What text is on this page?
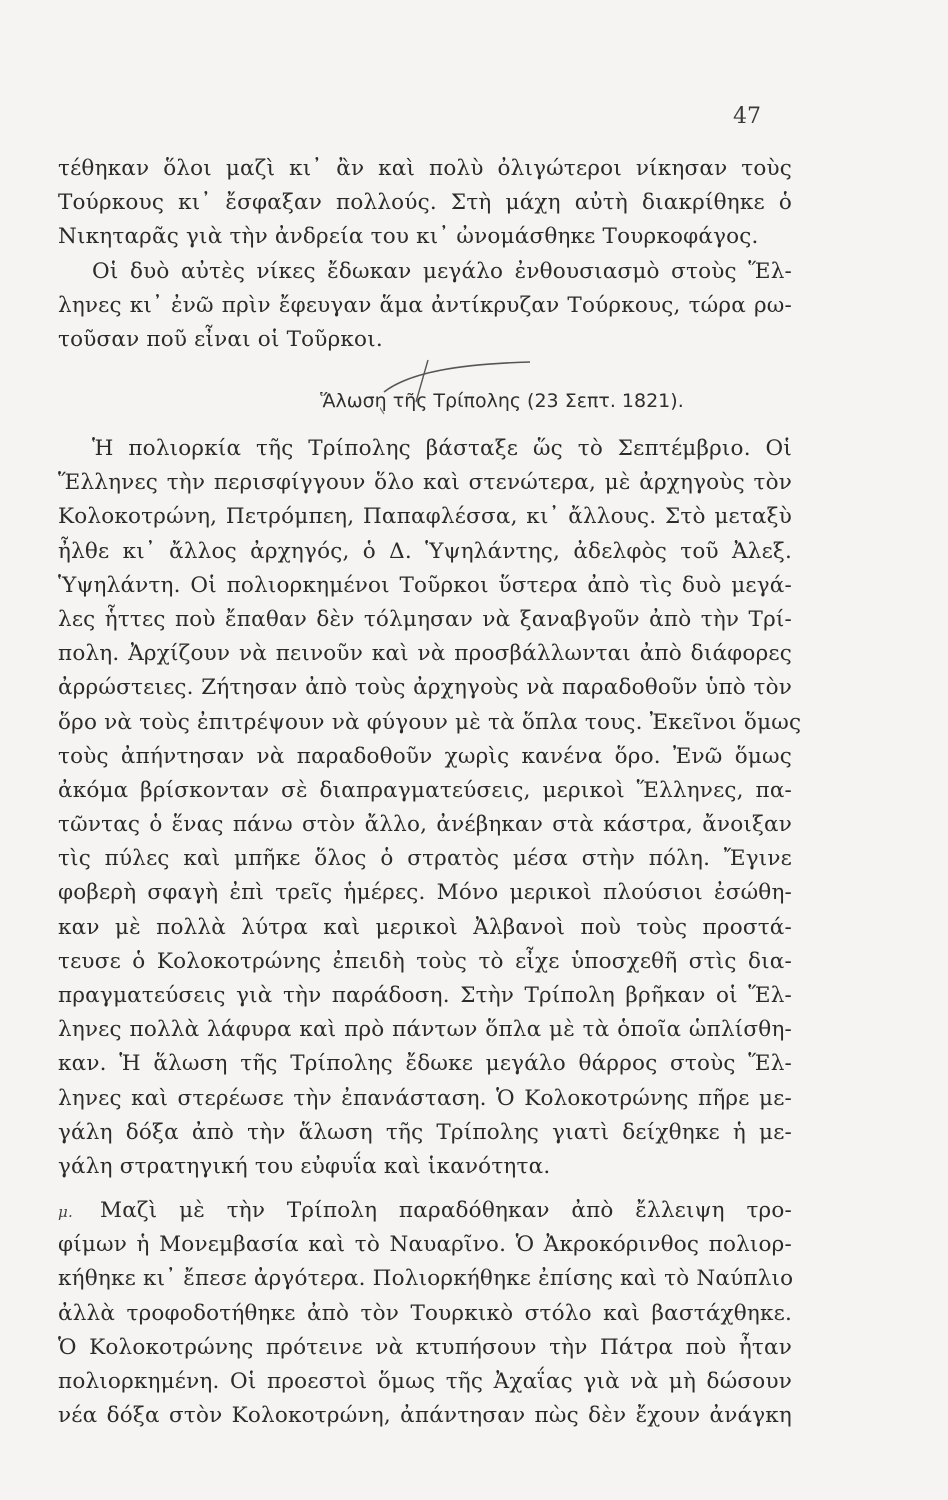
47
τέθηκαν ὅλοι μαζὶ κι᾽ ἂν καὶ πολὺ ὀλιγώτεροι νίκησαν τοὺς
Τούρκους κι᾽ ἔσφαξαν πολλούς. Στὴ μάχη αὐτὴ διακρίθηκε ὁ
Νικηταρᾶς γιὰ τὴν ἀνδρεία του κι᾽ ὠνομάσθηκε Τουρκοφάγος.
Οἱ δυὸ αὐτὲς νίκες ἔδωκαν μεγάλο ἐνθουσιασμὸ στοὺς Ἕλ-
ληνες κι᾽ ἐνῶ πρὶν ἔφευγαν ἅμα ἀντίκρυζαν Τούρκους, τώρα ρω-
τοῦσαν ποῦ εἶναι οἱ Τοῦρκοι.
Ἅλωση τῆς Τρίπολης (23 Σεπτ. 1821).
Ἡ πολιορκία τῆς Τρίπολης βάσταξε ὥς τὸ Σεπτέμβριο. Οἱ
Ἕλληνες τὴν περισφίγγουν ὅλο καὶ στενώτερα, μὲ ἀρχηγοὺς τὸν
Κολοκοτρώνη, Πετρόμπεη, Παπαφλέσσα, κι᾽ ἄλλους. Στὸ μεταξὺ
ἦλθε κι᾽ ἄλλος ἀρχηγός, ὁ Δ. Ὑψηλάντης, ἀδελφὸς τοῦ Ἀλεξ.
Ὑψηλάντη. Οἱ πολιορκημένοι Τοῦρκοι ὕστερα ἀπὸ τὶς δυὸ μεγά-
λες ἧττες ποὺ ἔπαθαν δὲν τόλμησαν νὰ ξαναβγοῦν ἀπὸ τὴν Τρί-
πολη. Ἀρχίζουν νὰ πεινοῦν καὶ νὰ προσβάλλωνται ἀπὸ διάφορες
ἀρρώστειες. Ζήτησαν ἀπὸ τοὺς ἀρχηγοὺς νὰ παραδοθοῦν ὑπὸ τὸν
ὅρο νὰ τοὺς ἐπιτρέψουν νὰ φύγουν μὲ τὰ ὅπλα τους. Ἐκεῖνοι ὅμως
τοὺς ἀπήντησαν νὰ παραδοθοῦν χωρὶς κανένα ὅρο. Ἐνῶ ὅμως
ἀκόμα βρίσκονταν σὲ διαπραγματεύσεις, μερικοὶ Ἕλληνες, πα-
τῶντας ὁ ἕνας πάνω στὸν ἄλλο, ἀνέβηκαν στὰ κάστρα, ἄνοιξαν
τὶς πύλες καὶ μπῆκε ὅλος ὁ στρατὸς μέσα στὴν πόλη. Ἔγινε
φοβερὴ σφαγὴ ἐπὶ τρεῖς ἡμέρες. Μόνο μερικοὶ πλούσιοι ἐσώθη-
καν μὲ πολλὰ λύτρα καὶ μερικοὶ Ἀλβανοὶ ποὺ τοὺς προστά-
τευσε ὁ Κολοκοτρώνης ἐπειδὴ τοὺς τὸ εἶχε ὑποσχεθῆ στὶς δια-
πραγματεύσεις γιὰ τὴν παράδοση. Στὴν Τρίπολη βρῆκαν οἱ Ἕλ-
ληνες πολλὰ λάφυρα καὶ πρὸ πάντων ὅπλα μὲ τὰ ὁποῖα ὡπλίσθη-
καν. Ἡ ἅλωση τῆς Τρίπολης ἔδωκε μεγάλο θάρρος στοὺς Ἕλ-
ληνες καὶ στερέωσε τὴν ἐπανάσταση. Ὁ Κολοκοτρώνης πῆρε με-
γάλη δόξα ἀπὸ τὴν ἅλωση τῆς Τρίπολης γιατὶ δείχθηκε ἡ με-
γάλη στρατηγική του εὐφυΐα καὶ ἱκανότητα.
μ. Μαζὶ μὲ τὴν Τρίπολη παραδόθηκαν ἀπὸ ἔλλειψη τρο-
φίμων ἡ Μονεμβασία καὶ τὸ Ναυαρῖνο. Ὁ Ἀκροκόρινθος πολιορ-
κήθηκε κι᾽ ἔπεσε ἀργότερα. Πολιορκήθηκε ἐπίσης καὶ τὸ Ναύπλιο
ἀλλὰ τροφοδοτήθηκε ἀπὸ τὸν Τουρκικὸ στόλο καὶ βαστάχθηκε.
Ὁ Κολοκοτρώνης πρότεινε νὰ κτυπήσουν τὴν Πάτρα ποὺ ἦταν
πολιορκημένη. Οἱ προεστοὶ ὅμως τῆς Ἀχαΐας γιὰ νὰ μὴ δώσουν
νέα δόξα στὸν Κολοκοτρώνη, ἀπάντησαν πὼς δὲν ἔχουν ἀνάγκη
